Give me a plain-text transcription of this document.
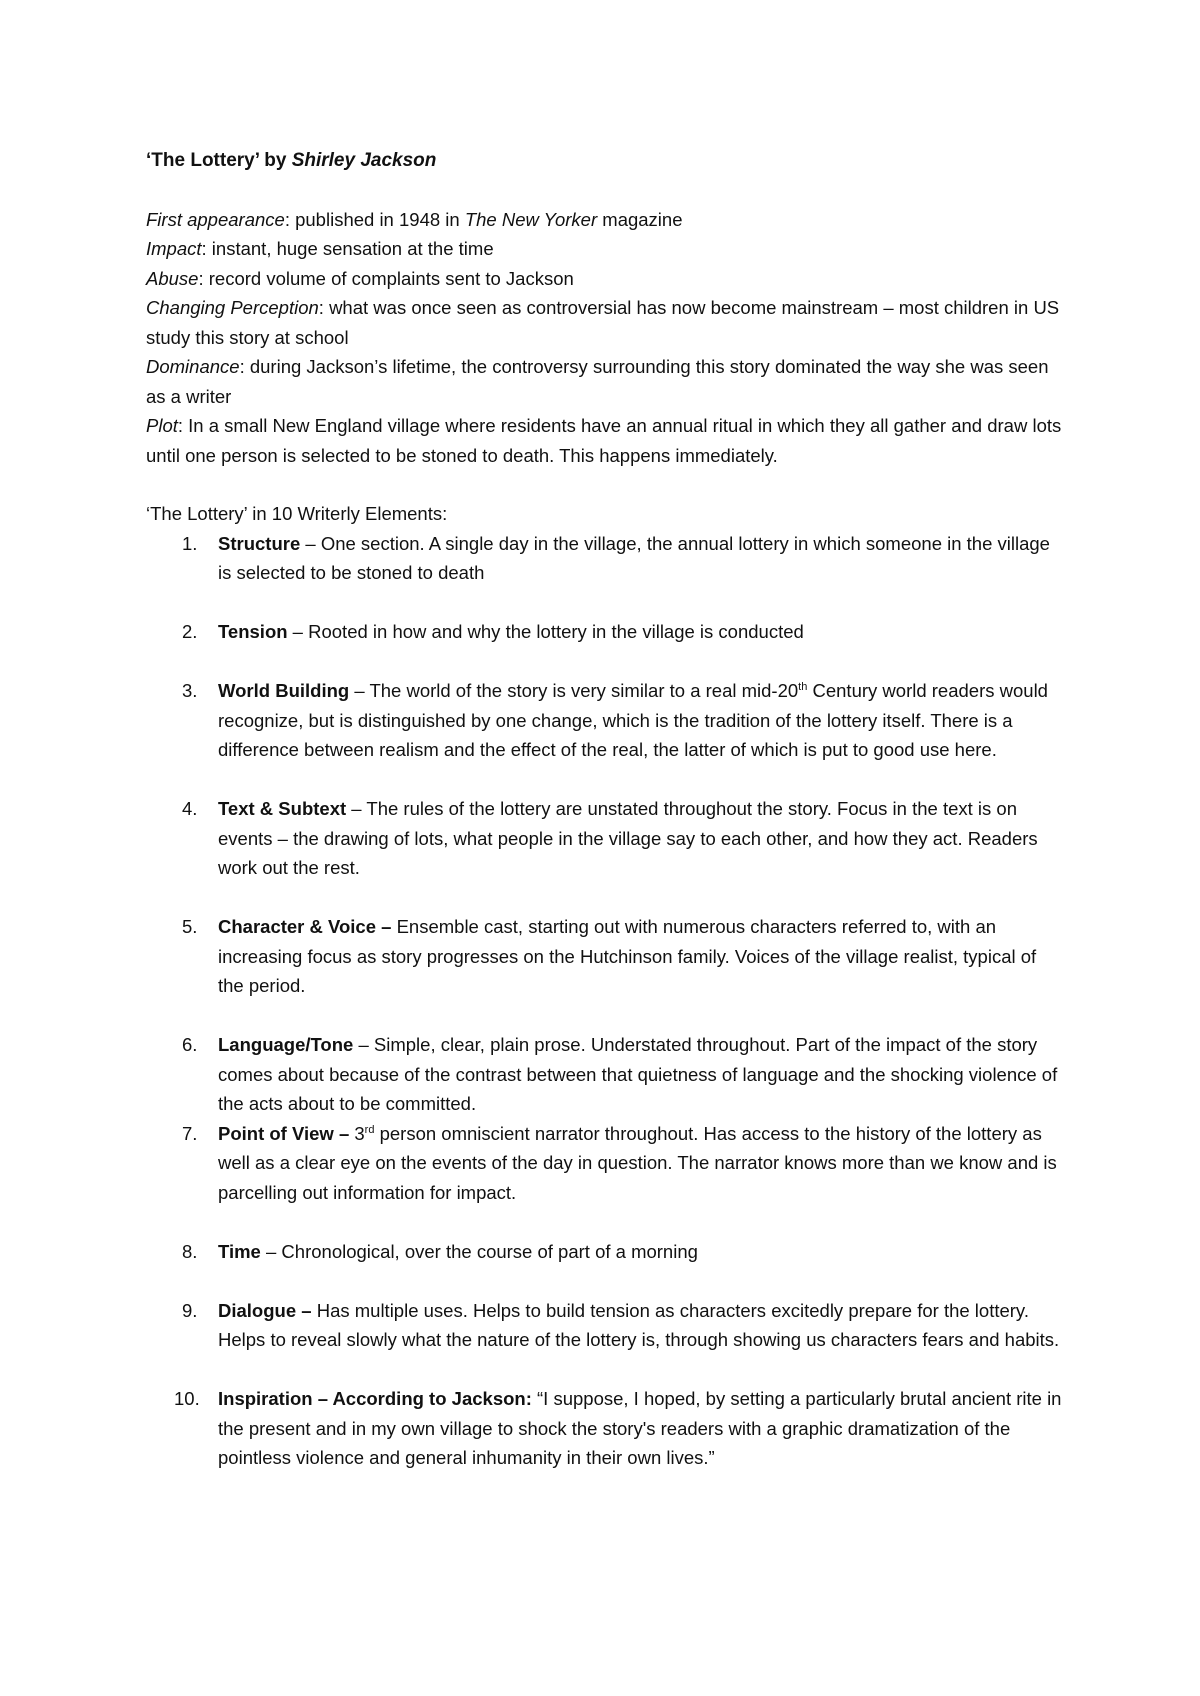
‘The Lottery’ by Shirley Jackson

First appearance: published in 1948 in The New Yorker magazine

Impact: instant, huge sensation at the time

Abuse: record volume of complaints sent to Jackson

Changing Perception: what was once seen as controversial has now become mainstream – most children in US study this story at school

Dominance: during Jackson’s lifetime, the controversy surrounding this story dominated the way she was seen as a writer

Plot: In a small New England village where residents have an annual ritual in which they all gather and draw lots until one person is selected to be stoned to death. This happens immediately.

‘The Lottery’ in 10 Writerly Elements:

1. Structure – One section. A single day in the village, the annual lottery in which someone in the village is selected to be stoned to death
2. Tension – Rooted in how and why the lottery in the village is conducted
3. World Building – The world of the story is very similar to a real mid-20th Century world readers would recognize, but is distinguished by one change, which is the tradition of the lottery itself. There is a difference between realism and the effect of the real, the latter of which is put to good use here.
4. Text & Subtext – The rules of the lottery are unstated throughout the story. Focus in the text is on events – the drawing of lots, what people in the village say to each other, and how they act. Readers work out the rest.
5. Character & Voice – Ensemble cast, starting out with numerous characters referred to, with an increasing focus as story progresses on the Hutchinson family. Voices of the village realist, typical of the period.
6. Language/Tone – Simple, clear, plain prose. Understated throughout. Part of the impact of the story comes about because of the contrast between that quietness of language and the shocking violence of the acts about to be committed.
7. Point of View – 3rd person omniscient narrator throughout. Has access to the history of the lottery as well as a clear eye on the events of the day in question. The narrator knows more than we know and is parcelling out information for impact.
8. Time – Chronological, over the course of part of a morning
9. Dialogue – Has multiple uses. Helps to build tension as characters excitedly prepare for the lottery. Helps to reveal slowly what the nature of the lottery is, through showing us characters fears and habits.
10. Inspiration – According to Jackson: “I suppose, I hoped, by setting a particularly brutal ancient rite in the present and in my own village to shock the story's readers with a graphic dramatization of the pointless violence and general inhumanity in their own lives.”
